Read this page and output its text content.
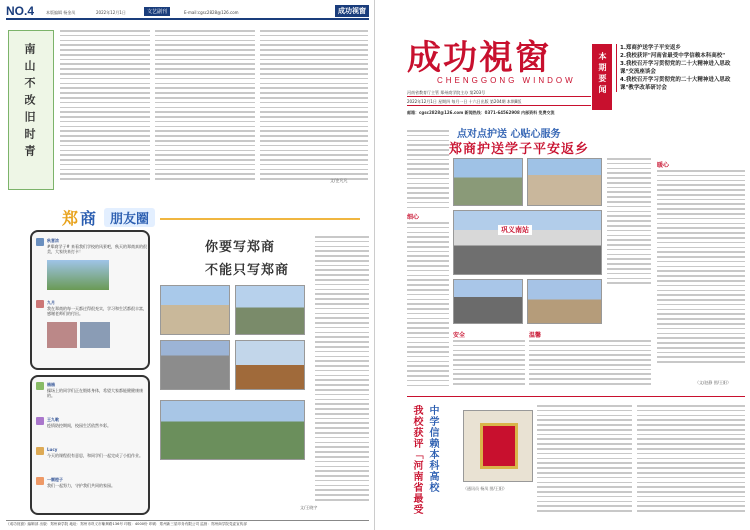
NO.4	本版编辑 杨金凤	2022年12月1日	文艺副刊	E-mail:cgsc2828@126.com	成功视窗
南山不改旧时青
文/史凡凡
郑 商	朋友圈
秋意浓
#郑商学子# 来看我们学校的风景吧，秋天的郑商真的很美，大家快来打卡！
九月
我在郑商的每一天都过得很充实，学习和生活都很丰富，感谢老师们的付出。
楠楠
操场上的同学们正在锻炼身体，希望大家都能健健康康的。
王九歌
疫情防控期间，校园生活依然多彩。
Lucy
今天的课程很有意思，和同学们一起完成了小组作业。
一颗橙子
我们一起努力，守护我们共同的家园。
你要写郑商
不能只写郑商
文/王晓宇
《成功视窗》编辑部 出版：郑州商学院 地址：郑州市巩义市紫荆路136号 印数：4000份 印刷：郑州新三星印务有限公司 监督：郑州商学院党委宣传部
成功視窗
CHENGGONG WINDOW	本期要闻
1.郑商护送学子平安返乡
2.我校获评"河南省最受中学信赖本科高校"
3.我校召开学习贯彻党的二十大精神进入思政课"交流座谈会
4.我校召开学习贯彻党的二十大精神进入思政课"教学改革研讨会
2022年12月1日 星期四 每月一日 十六日出版 第204期 本期8版
河南省教育厅主管 郑州商学院主办 第203号
邮箱：cgsc2828@126.com 新闻热线：0371-64562908 内部资料 免费交流
点对点护送 心贴心服务
郑商护送学子平安返乡
细心
巩义南站
暖心
安全	温馨
（文/赵静 图/王阳）
我校获评「河南省最受 中学信赖本科高校	（通讯员 杨凤 图/王阳）
